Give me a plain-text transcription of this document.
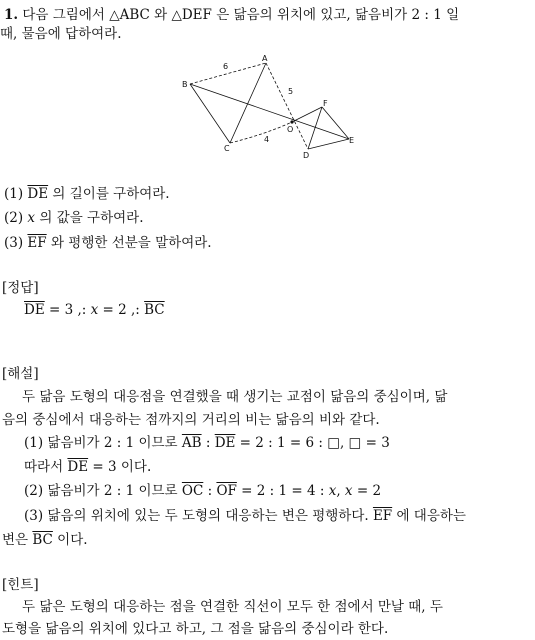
1. 다음 그림에서 △ABC 와 △DEF 은 닮음의 위치에 있고, 닮음비가 2 : 1 일
때, 물음에 답하여라.
A
B
C
D
E
F
O
6
5
4
(1) $\overline{DE}$ 의 길이를 구하여라.
(2) x 의 값을 구하여라.
(3) $\overline{EF}$ 와 평행한 선분을 말하여라.
[정답]
$\overline{DE} = 3$ ,: x = 2 ,: $\overline{BC}$
[해설]
두 닮음 도형의 대응점을 연결했을 때 생기는 교점이 닮음의 중심이며, 닮
음의 중심에서 대응하는 점까지의 거리의 비는 닮음의 비와 같다.
(1) 닮음비가 2 : 1 이므로 $\overline{AB}$ : $\overline{DE} = 2$ : 1 = 6 : □, □ = 3
따라서 $\overline{DE} = 3$ 이다.
(2) 닮음비가 2 : 1 이므로 $\overline{OC}$ : $\overline{OF} = 2$ : 1 = 4 : x, x = 2
(3) 닮음의 위치에 있는 두 도형의 대응하는 변은 평행하다. $\overline{EF}$ 에 대응하는
변은 $\overline{BC}$ 이다.
[힌트]
두 닮은 도형의 대응하는 점을 연결한 직선이 모두 한 점에서 만날 때, 두
도형을 닮음의 위치에 있다고 하고, 그 점을 닮음의 중심이라 한다.
